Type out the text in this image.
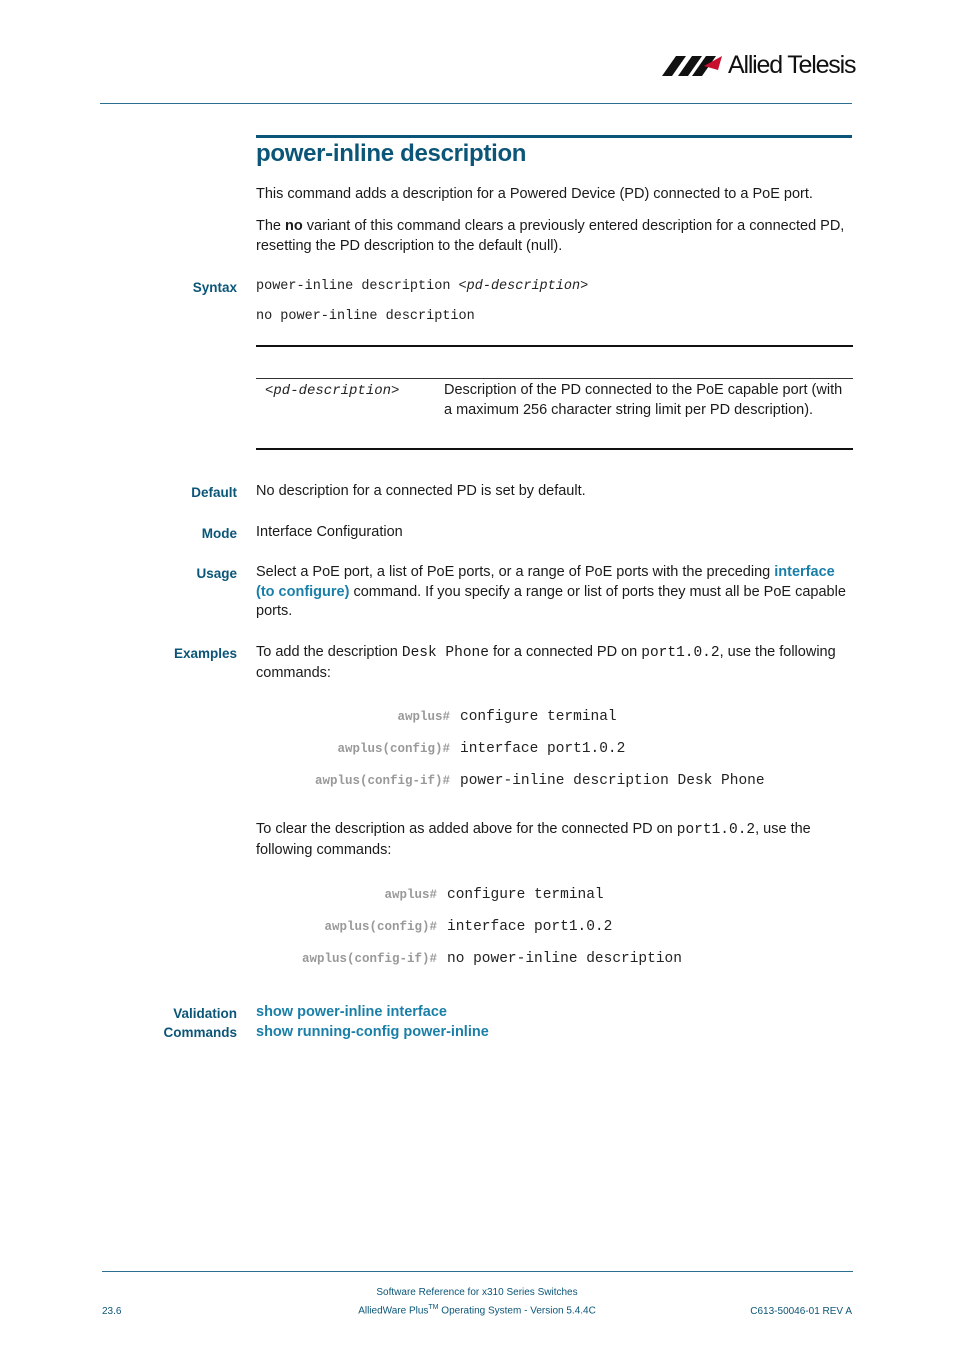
Allied Telesis
power-inline description
This command adds a description for a Powered Device (PD) connected to a PoE port.
The no variant of this command clears a previously entered description for a connected PD, resetting the PD description to the default (null).
Syntax power-inline description <pd-description>
no power-inline description
<pd-description>	Description of the PD connected to the PoE capable port (with a maximum 256 character string limit per PD description).
Default No description for a connected PD is set by default.
Mode Interface Configuration
Usage Select a PoE port, a list of PoE ports, or a range of PoE ports with the preceding interface (to configure) command. If you specify a range or list of ports they must all be PoE capable ports.
Examples To add the description Desk Phone for a connected PD on port1.0.2, use the following commands:
awplus# configure terminal
awplus(config)# interface port1.0.2
awplus(config-if)# power-inline description Desk Phone
To clear the description as added above for the connected PD on port1.0.2, use the following commands:
awplus# configure terminal
awplus(config)# interface port1.0.2
awplus(config-if)# no power-inline description
Validation
Commands
show power-inline interface
show running-config power-inline
Software Reference for x310 Series Switches
AlliedWare Plus™ Operating System - Version 5.4.4C
23.6	C613-50046-01 REV A
